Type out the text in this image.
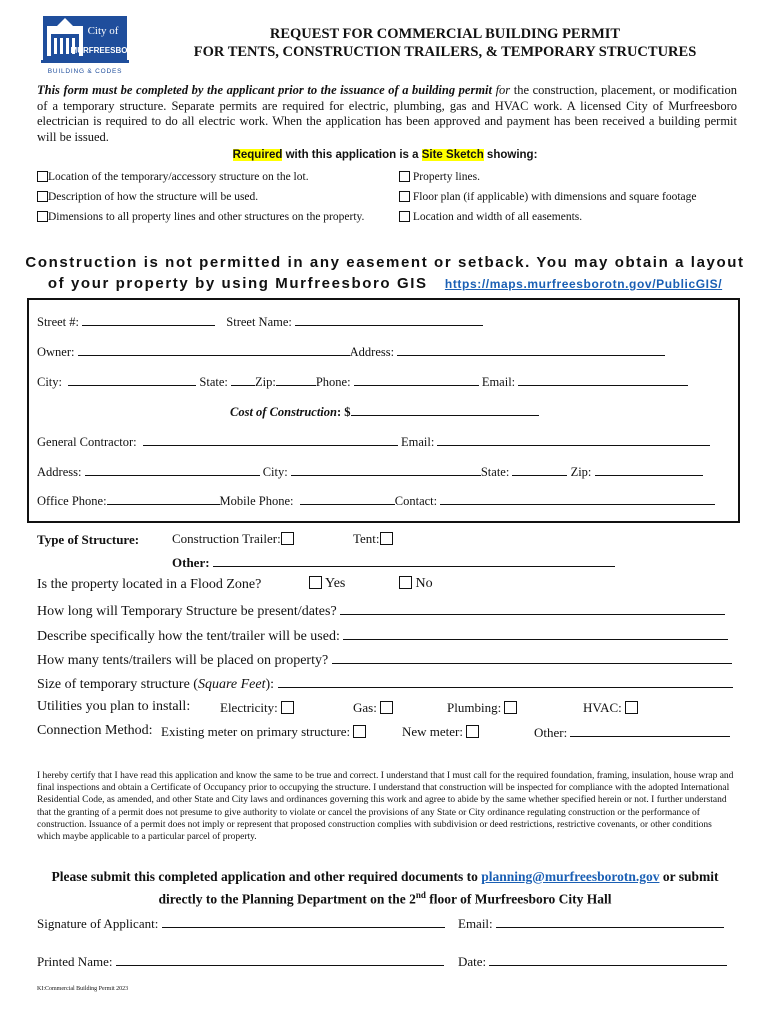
City of
MURFREESBORO
BUILDING & CODES
REQUEST FOR COMMERCIAL BUILDING PERMIT
FOR TENTS, CONSTRUCTION TRAILERS, & TEMPORARY STRUCTURES
This form must be completed by the applicant prior to the issuance of a building permit for the construction, placement, or modification of a temporary structure. Separate permits are required for electric, plumbing, gas and HVAC work. A licensed City of Murfreesboro electrician is required to do all electric work. When the application has been approved and payment has been received a building permit will be issued.
Required with this application is a Site Sketch showing:
Location of the temporary/accessory structure on the lot.	Property lines.
Description of how the structure will be used.	Floor plan (if applicable) with dimensions and square footage
Dimensions to all property lines and other structures on the property.	Location and width of all easements.
Construction is not permitted in any easement or setback. You may obtain a layout
of your property by using Murfreesboro GIS https://maps.murfreesborotn.gov/PublicGIS/
Street #:	Street Name:
Owner:	Address:
City:	State: Zip:	Phone:	Email:
Cost of Construction: $
General Contractor:	Email:
Address:	City:	State:	Zip:
Office Phone:	Mobile Phone:	Contact:
Type of Structure:	Construction Trailer:	Tent:
Other:
Is the property located in a Flood Zone?	Yes	No
How long will Temporary Structure be present/dates?
Describe specifically how the tent/trailer will be used:
How many tents/trailers will be placed on property?
Size of temporary structure (Square Feet):
Utilities you plan to install: Electricity:	Gas:	Plumbing:	HVAC:
Connection Method: Existing meter on primary structure:	New meter:	Other:
I hereby certify that I have read this application and know the same to be true and correct. I understand that I must call for the required foundation, framing, insulation, house wrap and final inspections and obtain a Certificate of Occupancy prior to occupying the structure. I understand that construction will be inspected for compliance with the adopted International Residential Code, as amended, and other State and City laws and ordinances governing this work and agree to abide by the same whether specified herein or not. I further understand that the granting of a permit does not presume to give authority to violate or cancel the provisions of any State or City ordinance regulating construction or the performance of construction. Issuance of a permit does not imply or represent that proposed construction complies with subdivision or deed restrictions, restrictive covenants, or other conditions which maybe applicable to a particular parcel of property.
Please submit this completed application and other required documents to planning@murfreesborotn.gov or submit
directly to the Planning Department on the 2nd floor of Murfreesboro City Hall
Signature of Applicant:	Email:
Printed Name:	Date:
KI:Commercial Building Permit 2023
